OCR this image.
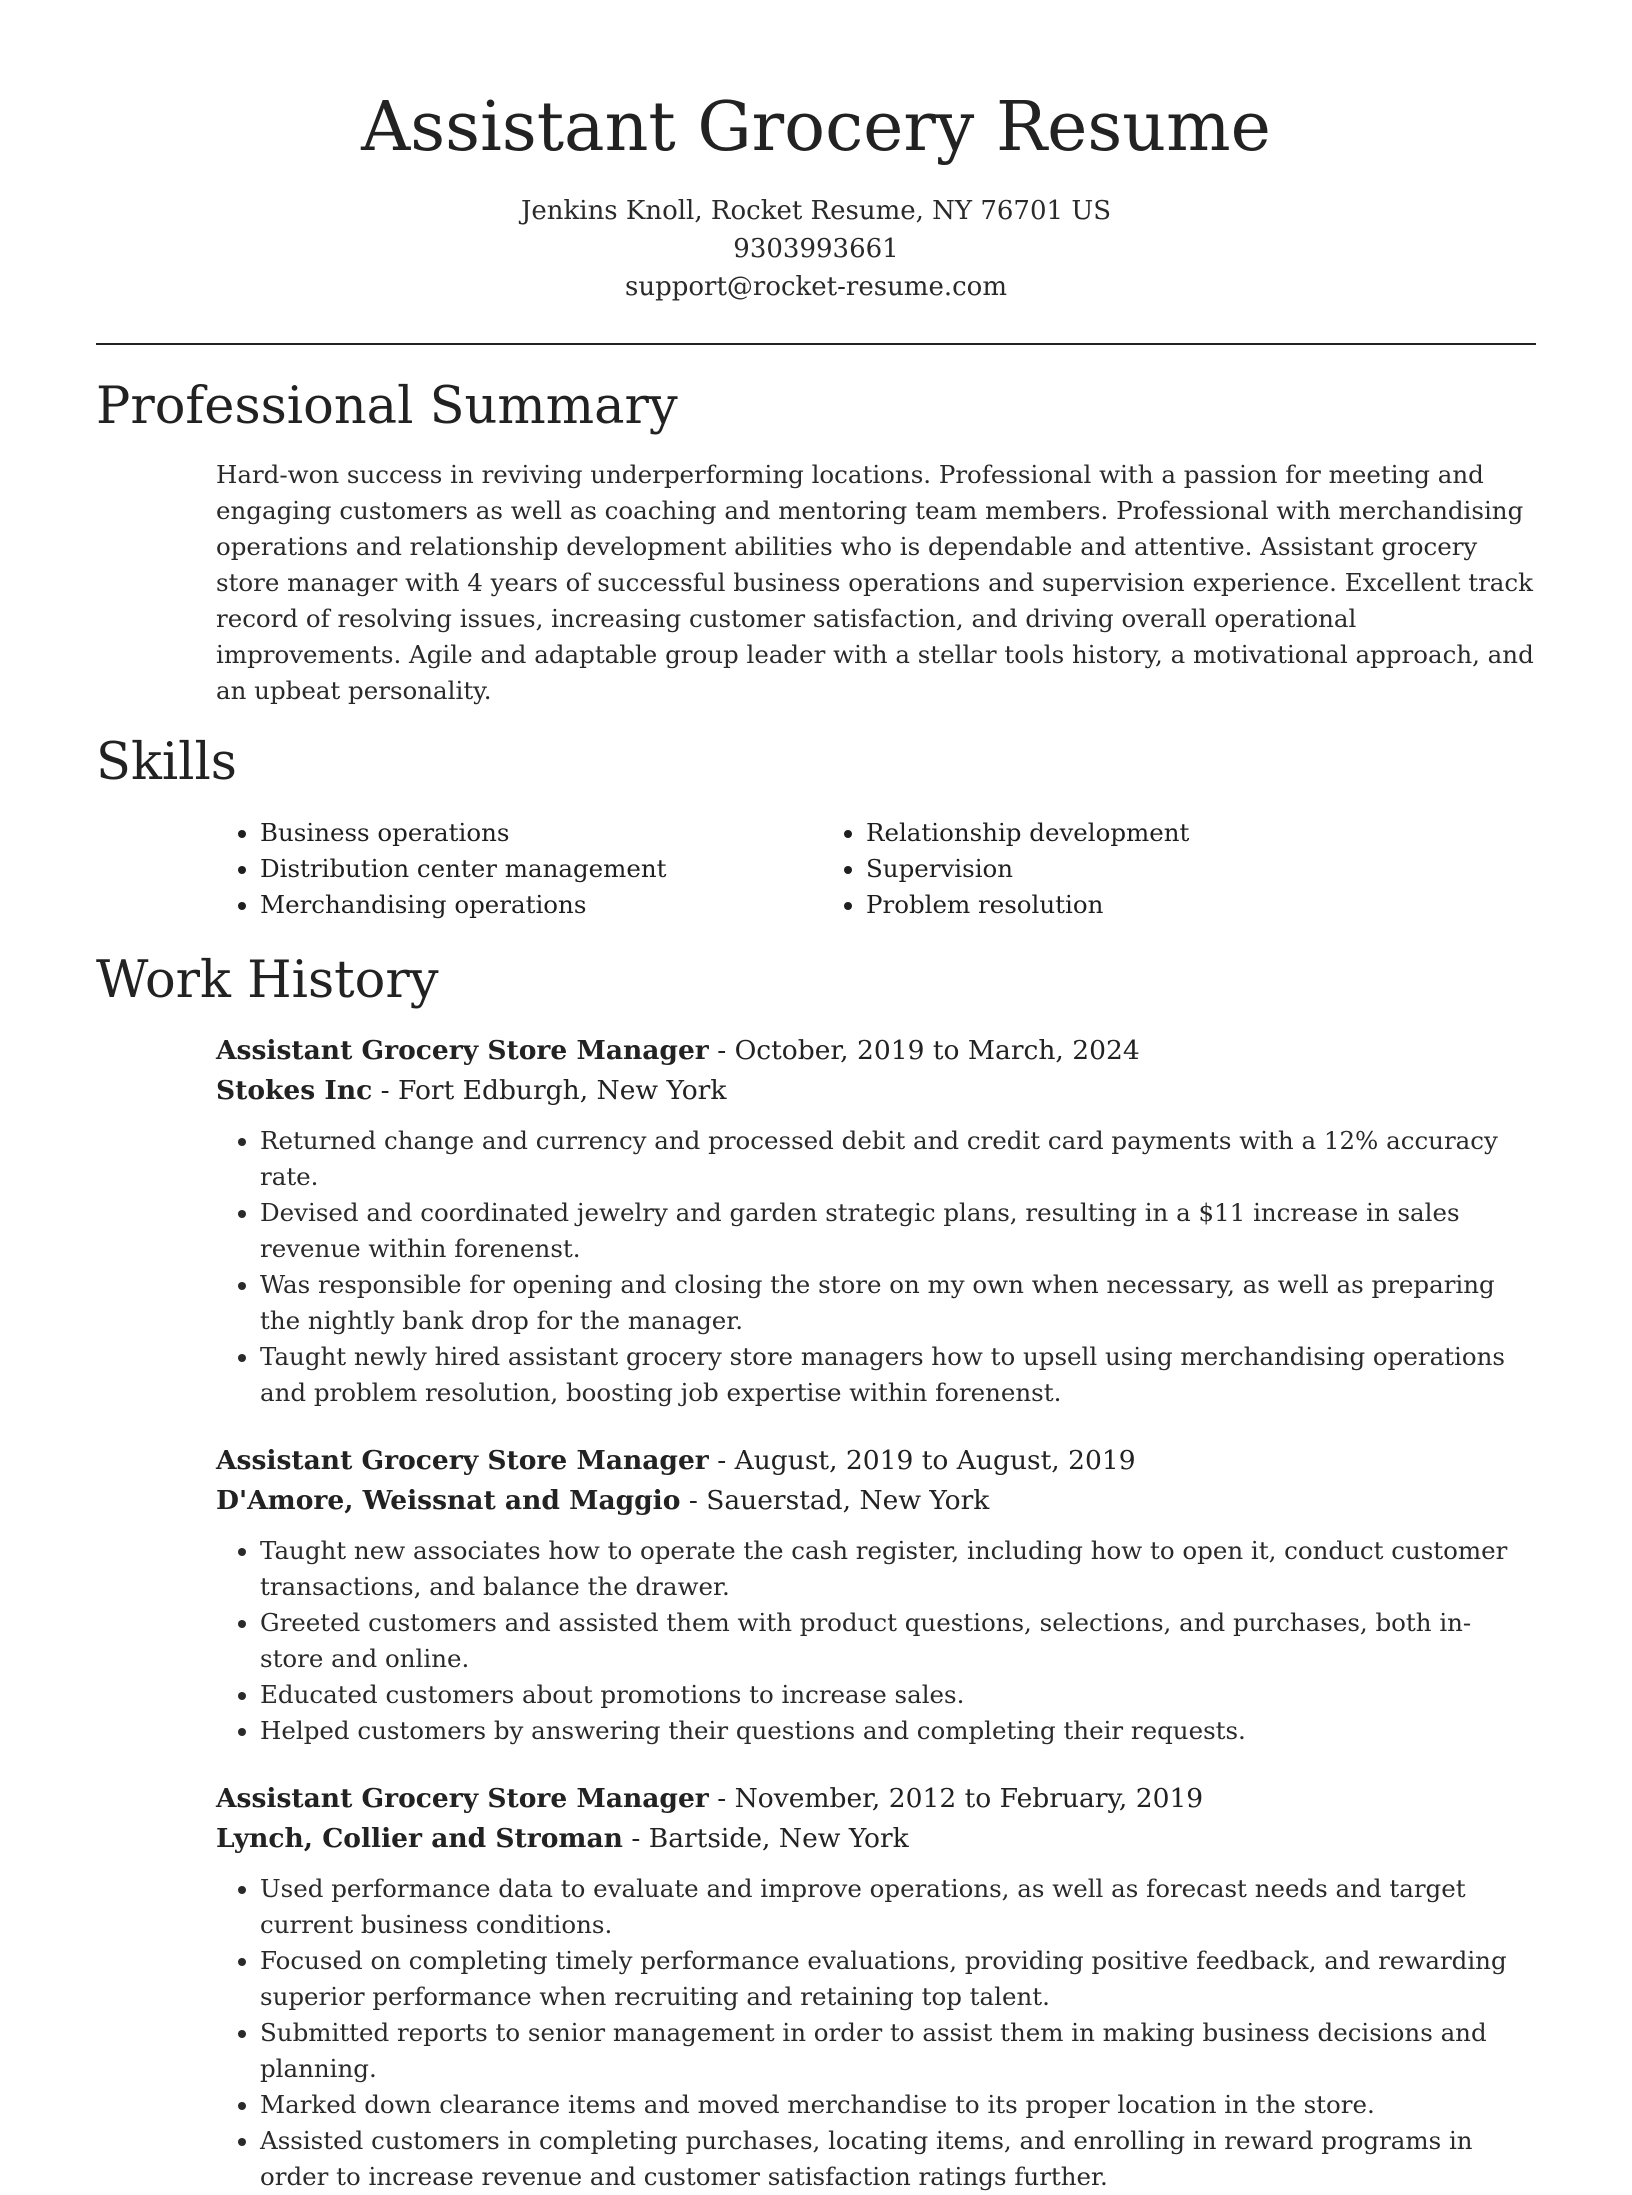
Assistant Grocery Resume
Jenkins Knoll, Rocket Resume, NY 76701 US
9303993661
support@rocket-resume.com
Professional Summary

Hard-won success in reviving underperforming locations. Professional with a passion for meeting and engaging customers as well as coaching and mentoring team members. Professional with merchandising operations and relationship development abilities who is dependable and attentive. Assistant grocery store manager with 4 years of successful business operations and supervision experience. Excellent track record of resolving issues, increasing customer satisfaction, and driving overall operational improvements. Agile and adaptable group leader with a stellar tools history, a motivational approach, and an upbeat personality.

Skills
• Business operations
• Distribution center management
• Merchandising operations
• Relationship development
• Supervision
• Problem resolution
Work History
Assistant Grocery Store Manager - October, 2019 to March, 2024
Stokes Inc - Fort Edburgh, New York
• Returned change and currency and processed debit and credit card payments with a 12% accuracy rate.
• Devised and coordinated jewelry and garden strategic plans, resulting in a $11 increase in sales revenue within forenenst.
• Was responsible for opening and closing the store on my own when necessary, as well as preparing the nightly bank drop for the manager.
• Taught newly hired assistant grocery store managers how to upsell using merchandising operations and problem resolution, boosting job expertise within forenenst.
Assistant Grocery Store Manager - August, 2019 to August, 2019
D'Amore, Weissnat and Maggio - Sauerstad, New York
• Taught new associates how to operate the cash register, including how to open it, conduct customer transactions, and balance the drawer.
• Greeted customers and assisted them with product questions, selections, and purchases, both in-store and online.
• Educated customers about promotions to increase sales.
• Helped customers by answering their questions and completing their requests.
Assistant Grocery Store Manager - November, 2012 to February, 2019
Lynch, Collier and Stroman - Bartside, New York
• Used performance data to evaluate and improve operations, as well as forecast needs and target current business conditions.
• Focused on completing timely performance evaluations, providing positive feedback, and rewarding superior performance when recruiting and retaining top talent.
• Submitted reports to senior management in order to assist them in making business decisions and planning.
• Marked down clearance items and moved merchandise to its proper location in the store.
• Assisted customers in completing purchases, locating items, and enrolling in reward programs in order to increase revenue and customer satisfaction ratings further.
